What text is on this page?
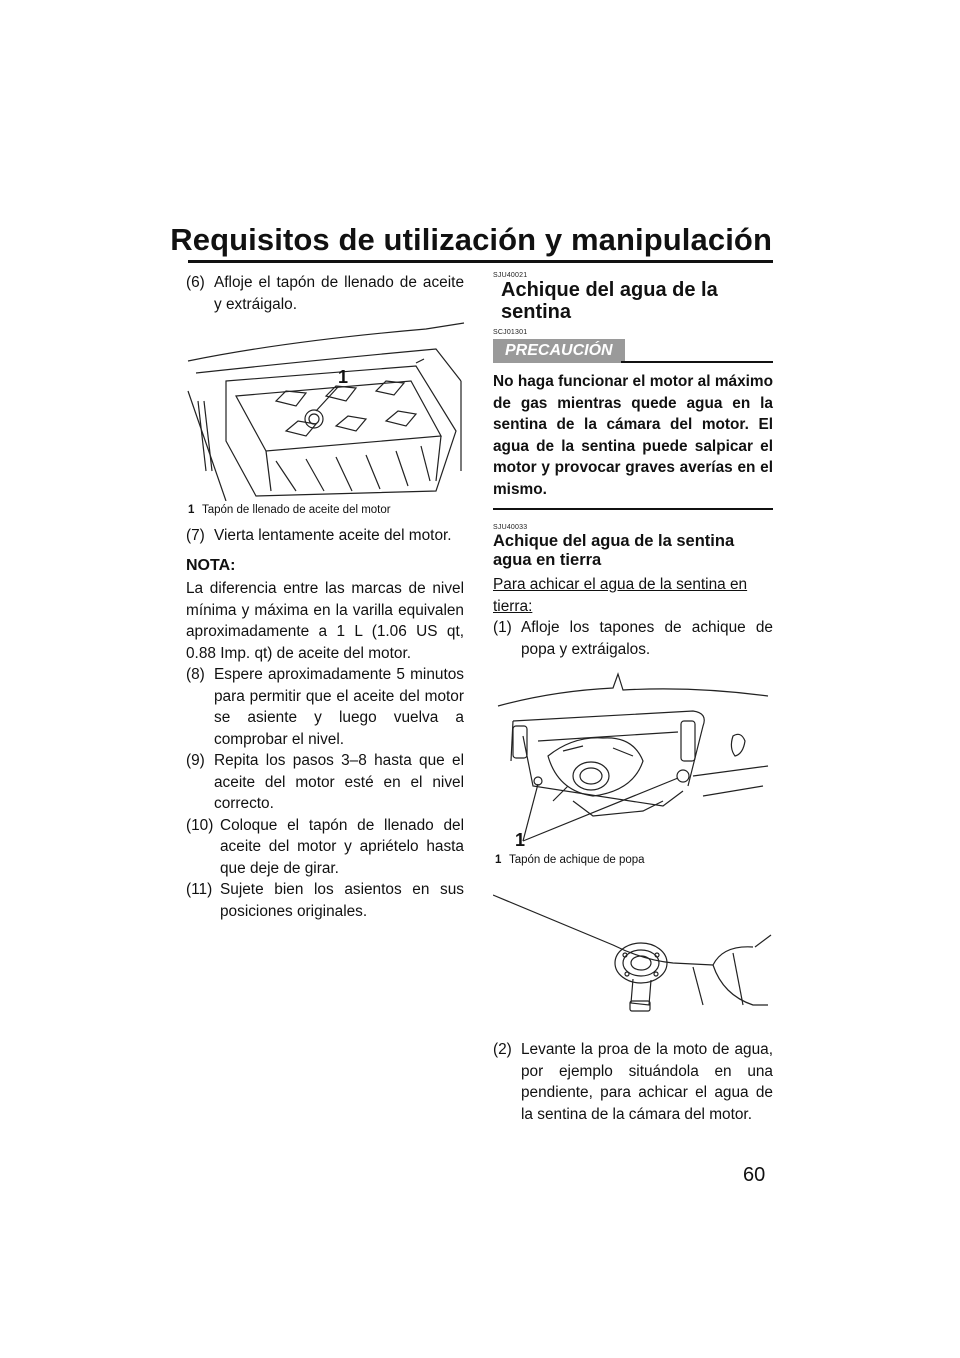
Requisitos de utilización y manipulación

(6) Afloje el tapón de llenado de aceite y extráigalo.

1

1 Tapón de llenado de aceite del motor

(7) Vierta lentamente aceite del motor.

NOTA:

La diferencia entre las marcas de nivel mínima y máxima en la varilla equivalen aproximadamente a 1 L (1.06 US qt, 0.88 Imp. qt) de aceite del motor.

(8) Espere aproximadamente 5 minutos para permitir que el aceite del motor se asiente y luego vuelva a comprobar el nivel.

(9) Repita los pasos 3–8 hasta que el aceite del motor esté en el nivel correcto.

(10) Coloque el tapón de llenado del aceite del motor y apriételo hasta que deje de girar.

(11) Sujete bien los asientos en sus posiciones originales.

SJU40021

Achique del agua de la sentina

SCJ01301

PRECAUCIÓN

No haga funcionar el motor al máximo de gas mientras quede agua en la sentina de la cámara del motor. El agua de la sentina puede salpicar el motor y provocar graves averías en el mismo.

SJU40033

Achique del agua de la sentina agua en tierra

Para achicar el agua de la sentina en tierra:

(1) Afloje los tapones de achique de popa y extráigalos.

1

1 Tapón de achique de popa

(2) Levante la proa de la moto de agua, por ejemplo situándola en una pendiente, para achicar el agua de la sentina de la cámara del motor.

60
